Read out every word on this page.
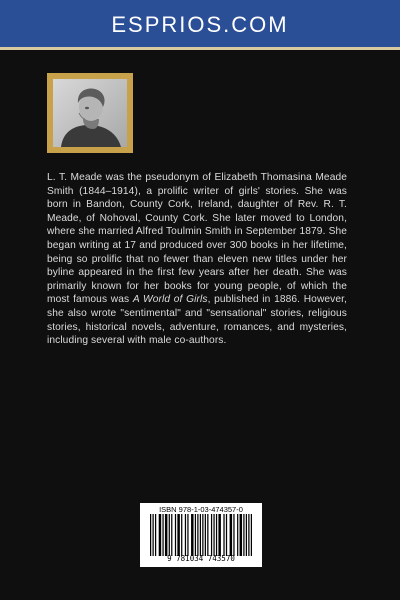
ESPRIOS.COM
L. T. Meade was the pseudonym of Elizabeth Thomasina Meade Smith (1844–1914), a prolific writer of girls' stories. She was born in Bandon, County Cork, Ireland, daughter of Rev. R. T. Meade, of Nohoval, County Cork. She later moved to London, where she married Alfred Toulmin Smith in September 1879. She began writing at 17 and produced over 300 books in her lifetime, being so prolific that no fewer than eleven new titles under her byline appeared in the first few years after her death. She was primarily known for her books for young people, of which the most famous was A World of Girls, published in 1886. However, she also wrote "sentimental" and "sensational" stories, religious stories, historical novels, adventure, romances, and mysteries, including several with male co-authors.
ISBN 978-1-03-474357-0
9 781034 743570
